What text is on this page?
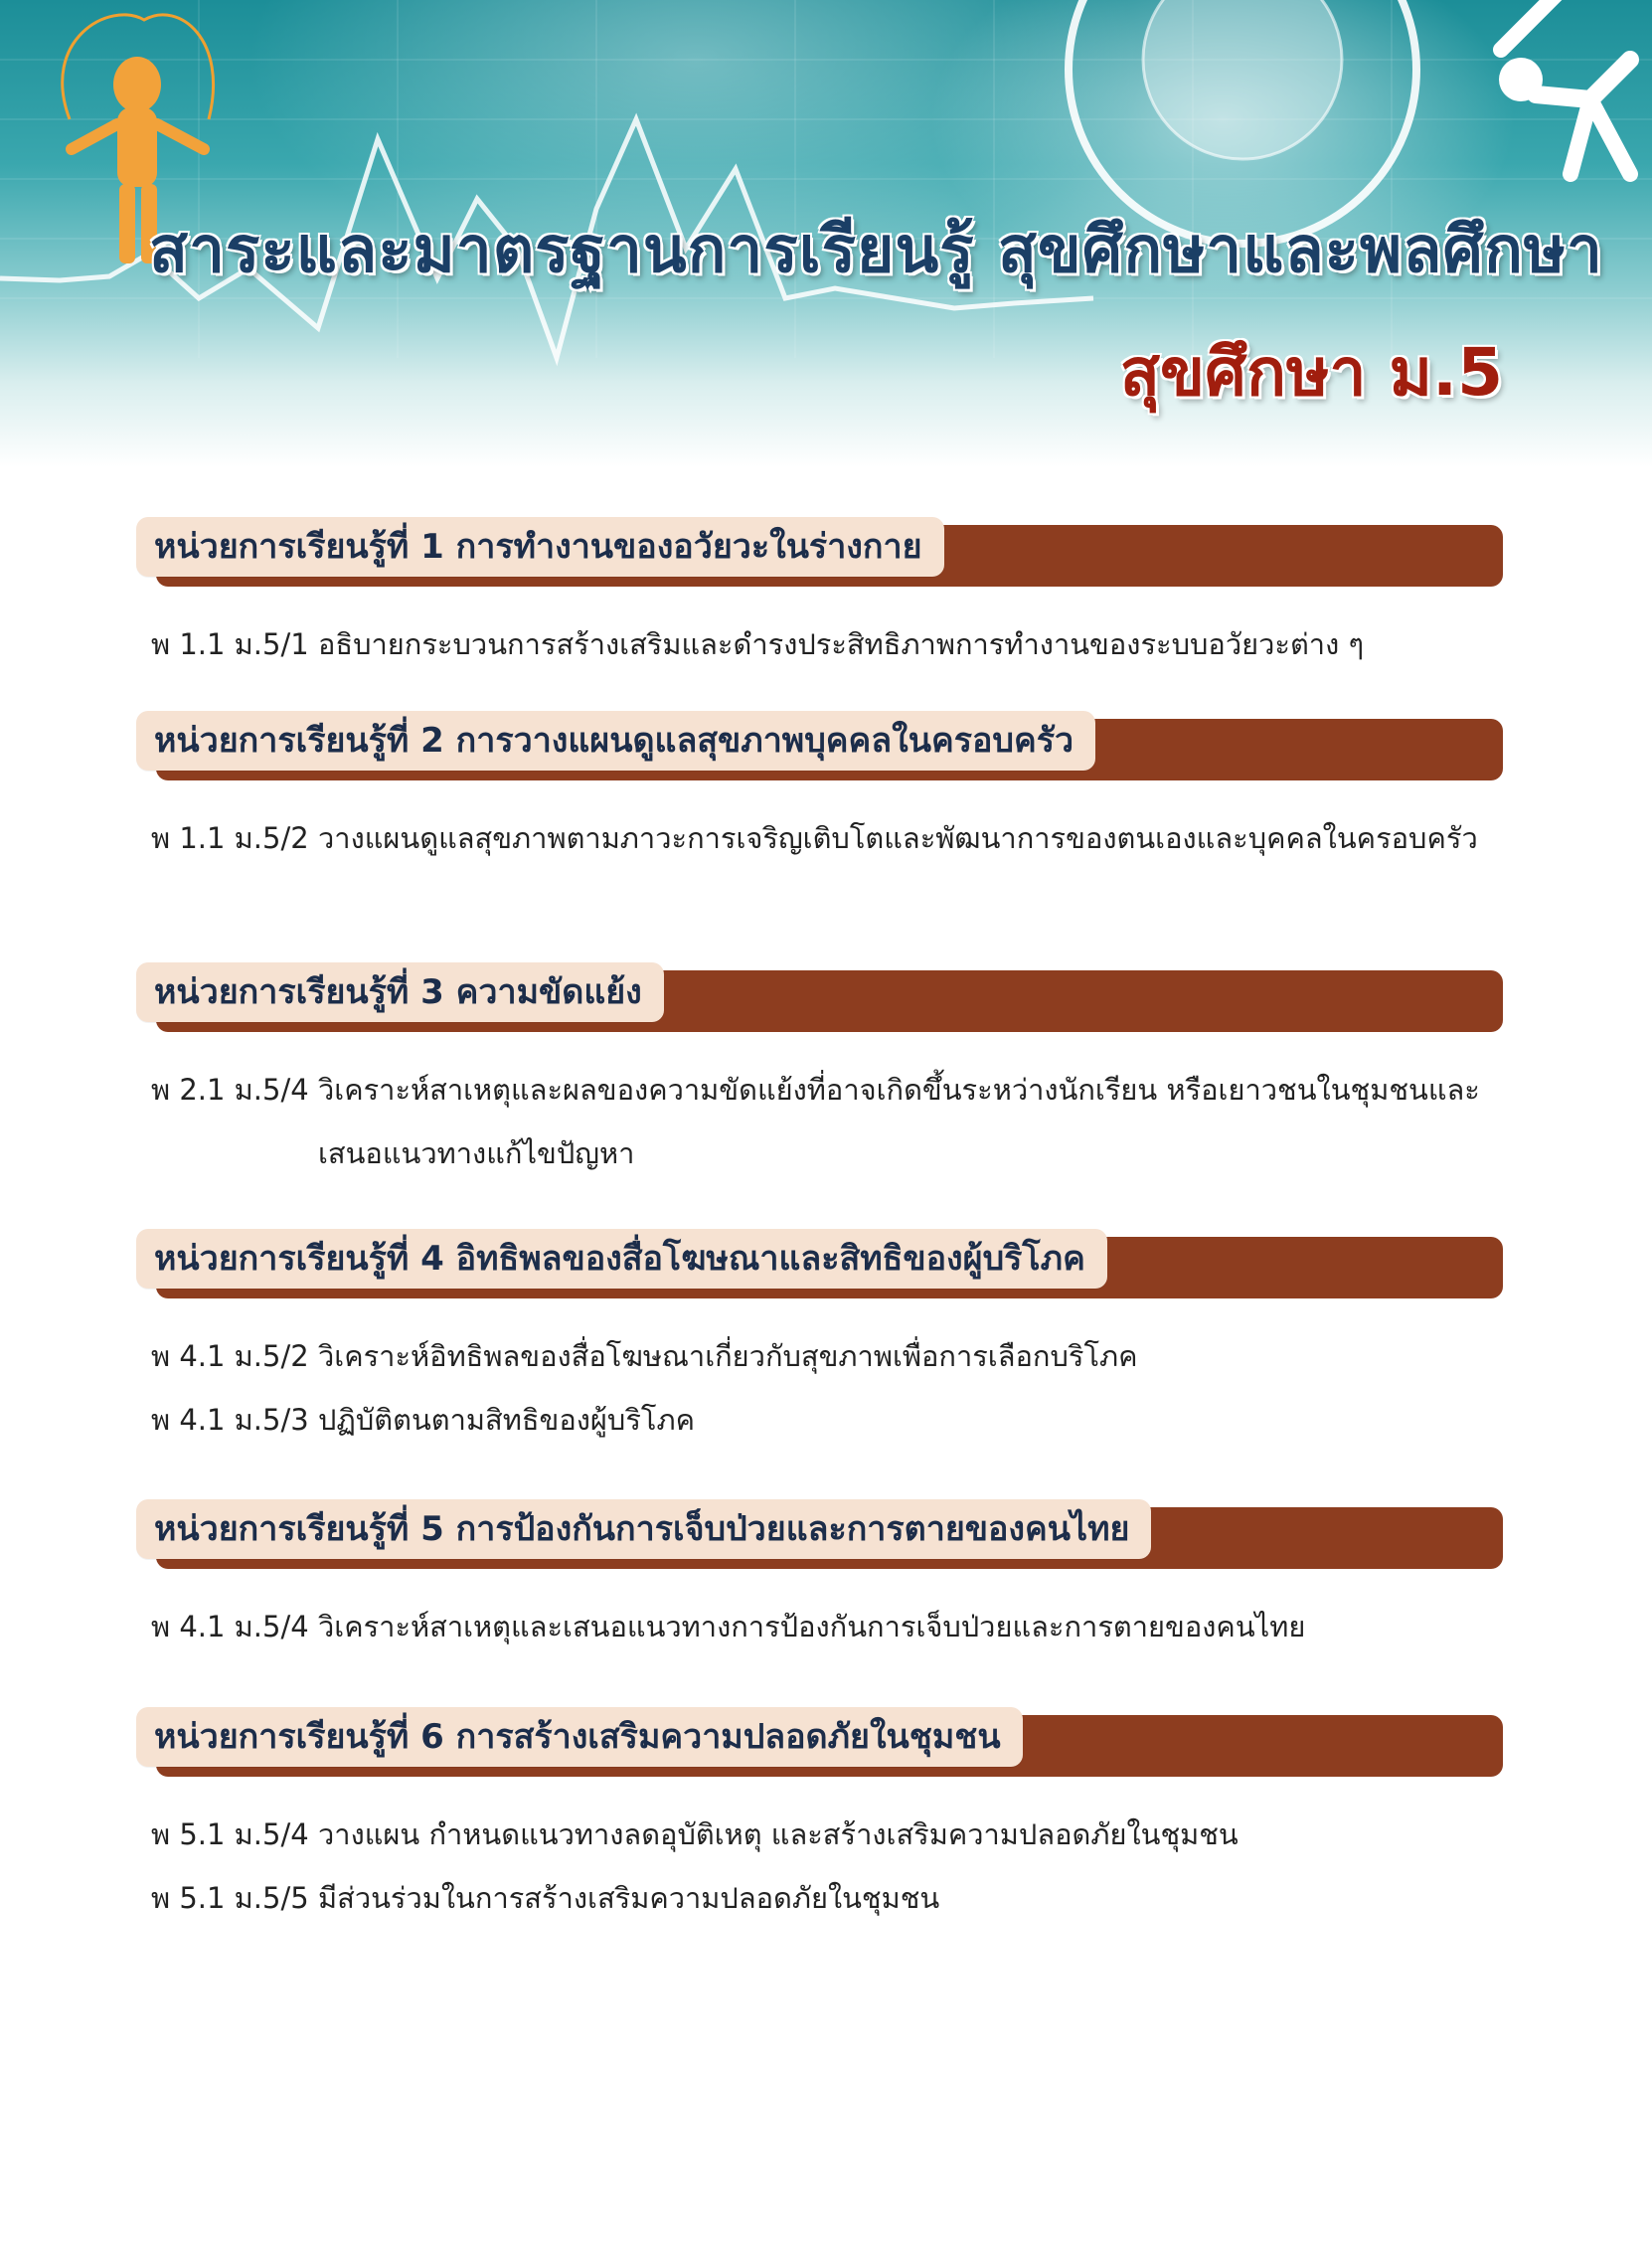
สาระและมาตรฐานการเรียนรู้ สุขศึกษาและพลศึกษา
สุขศึกษา ม.5
หน่วยการเรียนรู้ที่ 1 การทำงานของอวัยวะในร่างกาย
พ 1.1 ม.5/1 อธิบายกระบวนการสร้างเสริมและดำรงประสิทธิภาพการทำงานของระบบอวัยวะต่าง ๆ
หน่วยการเรียนรู้ที่ 2 การวางแผนดูแลสุขภาพบุคคลในครอบครัว
พ 1.1 ม.5/2 วางแผนดูแลสุขภาพตามภาวะการเจริญเติบโตและพัฒนาการของตนเองและบุคคลในครอบครัว
หน่วยการเรียนรู้ที่ 3 ความขัดแย้ง
พ 2.1 ม.5/4 วิเคราะห์สาเหตุและผลของความขัดแย้งที่อาจเกิดขึ้นระหว่างนักเรียน หรือเยาวชนในชุมชนและเสนอแนวทางแก้ไขปัญหา
หน่วยการเรียนรู้ที่ 4 อิทธิพลของสื่อโฆษณาและสิทธิของผู้บริโภค
พ 4.1 ม.5/2 วิเคราะห์อิทธิพลของสื่อโฆษณาเกี่ยวกับสุขภาพเพื่อการเลือกบริโภค
พ 4.1 ม.5/3 ปฏิบัติตนตามสิทธิของผู้บริโภค
หน่วยการเรียนรู้ที่ 5 การป้องกันการเจ็บป่วยและการตายของคนไทย
พ 4.1 ม.5/4 วิเคราะห์สาเหตุและเสนอแนวทางการป้องกันการเจ็บป่วยและการตายของคนไทย
หน่วยการเรียนรู้ที่ 6 การสร้างเสริมความปลอดภัยในชุมชน
พ 5.1 ม.5/4 วางแผน กำหนดแนวทางลดอุบัติเหตุ และสร้างเสริมความปลอดภัยในชุมชน
พ 5.1 ม.5/5 มีส่วนร่วมในการสร้างเสริมความปลอดภัยในชุมชน
